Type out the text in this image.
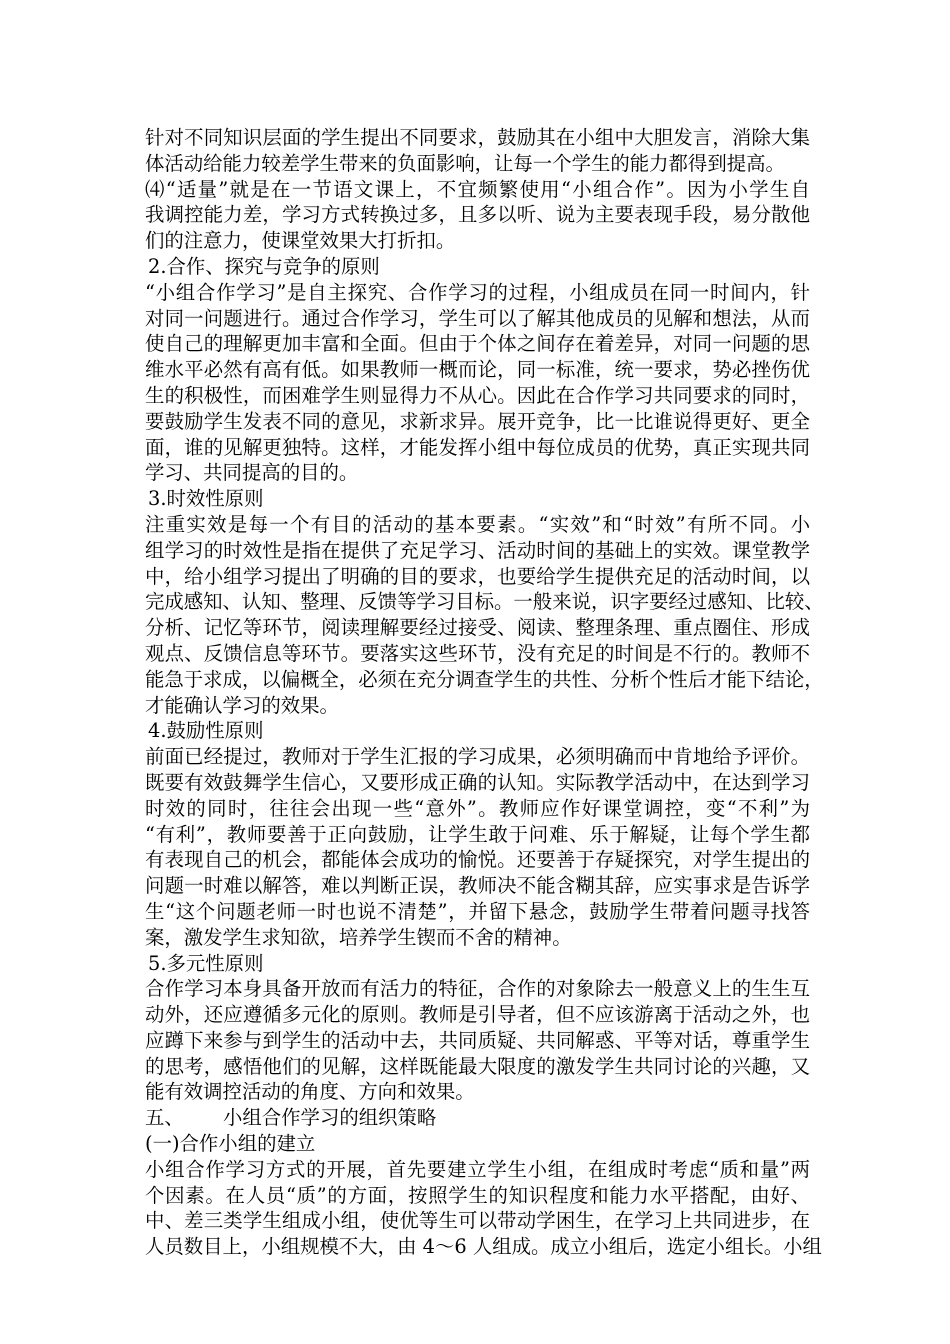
针对不同知识层面的学生提出不同要求，鼓励其在小组中大胆发言，消除大集
体活动给能力较差学生带来的负面影响，让每一个学生的能力都得到提高。
⑷“适量”就是在一节语文课上，不宜频繁使用“小组合作”。因为小学生自
我调控能力差，学习方式转换过多，且多以听、说为主要表现手段，易分散他
们的注意力，使课堂效果大打折扣。
2.合作、探究与竞争的原则
“小组合作学习”是自主探究、合作学习的过程，小组成员在同一时间内，针
对同一问题进行。通过合作学习，学生可以了解其他成员的见解和想法，从而
使自己的理解更加丰富和全面。但由于个体之间存在着差异，对同一问题的思
维水平必然有高有低。如果教师一概而论，同一标准，统一要求，势必挫伤优
生的积极性，而困难学生则显得力不从心。因此在合作学习共同要求的同时，
要鼓励学生发表不同的意见，求新求异。展开竞争，比一比谁说得更好、更全
面，谁的见解更独特。这样，才能发挥小组中每位成员的优势，真正实现共同
学习、共同提高的目的。
3.时效性原则
注重实效是每一个有目的活动的基本要素。“实效”和“时效”有所不同。小
组学习的时效性是指在提供了充足学习、活动时间的基础上的实效。课堂教学
中，给小组学习提出了明确的目的要求，也要给学生提供充足的活动时间，以
完成感知、认知、整理、反馈等学习目标。一般来说，识字要经过感知、比较、
分析、记忆等环节，阅读理解要经过接受、阅读、整理条理、重点圈住、形成
观点、反馈信息等环节。要落实这些环节，没有充足的时间是不行的。教师不
能急于求成，以偏概全，必须在充分调查学生的共性、分析个性后才能下结论，
才能确认学习的效果。
4.鼓励性原则
前面已经提过，教师对于学生汇报的学习成果，必须明确而中肯地给予评价。
既要有效鼓舞学生信心，又要形成正确的认知。实际教学活动中，在达到学习
时效的同时，往往会出现一些“意外”。教师应作好课堂调控，变“不利”为
“有利”，教师要善于正向鼓励，让学生敢于问难、乐于解疑，让每个学生都
有表现自己的机会，都能体会成功的愉悦。还要善于存疑探究，对学生提出的
问题一时难以解答，难以判断正误，教师决不能含糊其辞，应实事求是告诉学
生“这个问题老师一时也说不清楚”，并留下悬念，鼓励学生带着问题寻找答
案，激发学生求知欲，培养学生锲而不舍的精神。
5.多元性原则
合作学习本身具备开放而有活力的特征，合作的对象除去一般意义上的生生互
动外，还应遵循多元化的原则。教师是引导者，但不应该游离于活动之外，也
应蹲下来参与到学生的活动中去，共同质疑、共同解惑、平等对话，尊重学生
的思考，感悟他们的见解，这样既能最大限度的激发学生共同讨论的兴趣，又
能有效调控活动的角度、方向和效果。
五、 小组合作学习的组织策略
(一)合作小组的建立
小组合作学习方式的开展，首先要建立学生小组，在组成时考虑“质和量”两
个因素。在人员“质”的方面，按照学生的知识程度和能力水平搭配，由好、
中、差三类学生组成小组，使优等生可以带动学困生，在学习上共同进步，在
人员数目上，小组规模不大，由 4～6 人组成。成立小组后，选定小组长。小组
